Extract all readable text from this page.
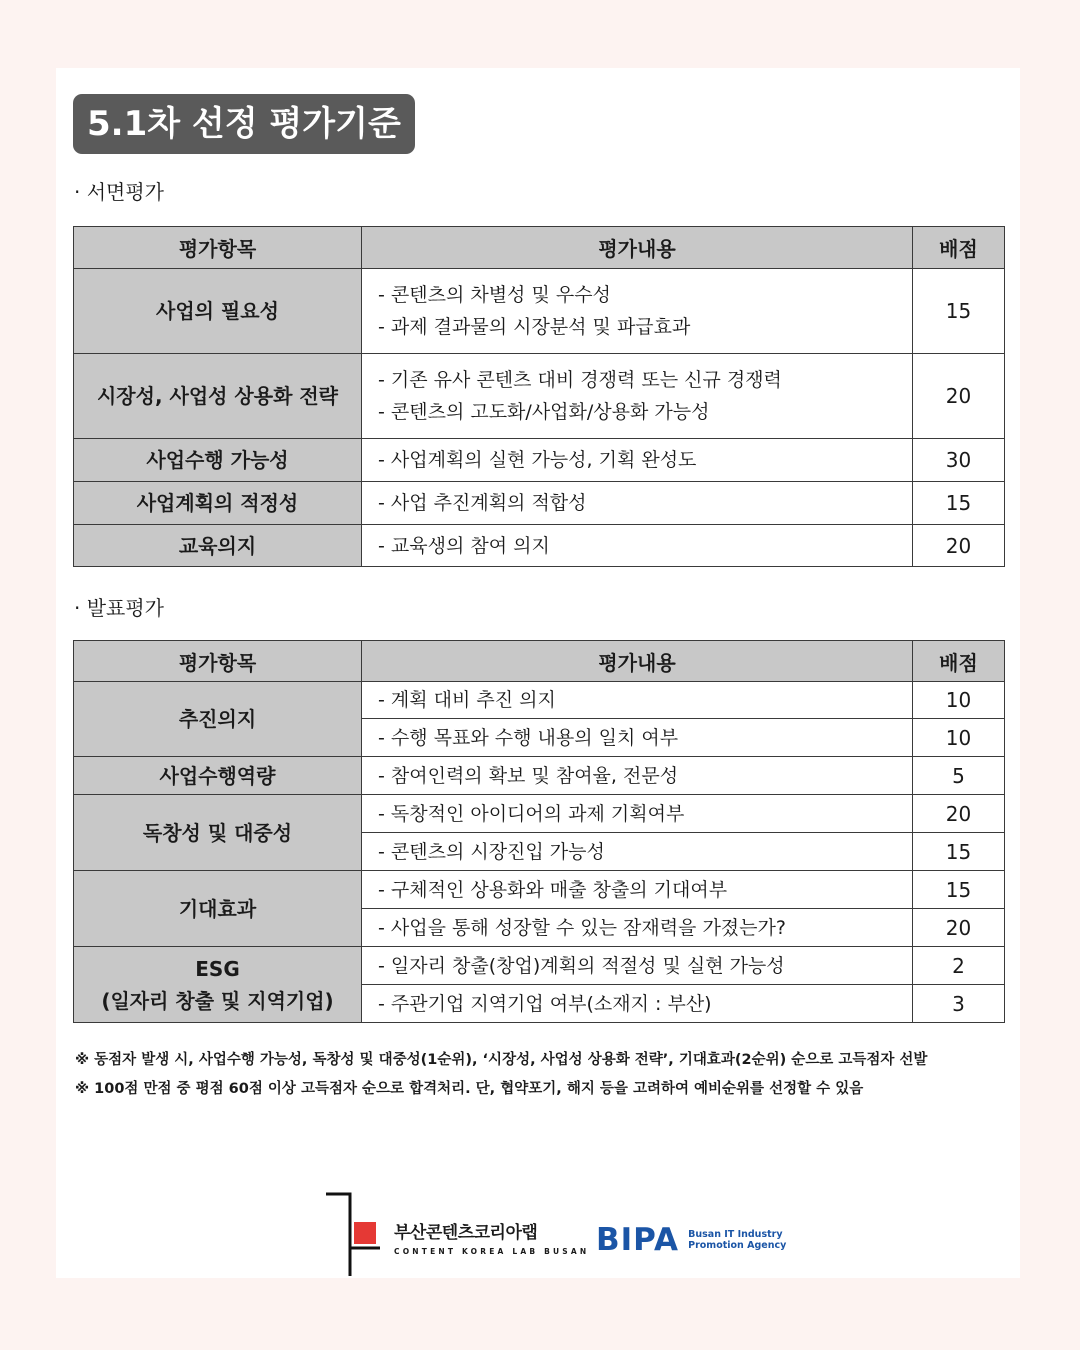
5.1차 선정 평가기준
· 서면평가
평가항목	평가내용	배점
사업의 필요성	- 콘텐츠의 차별성 및 우수성
- 과제 결과물의 시장분석 및 파급효과	15
시장성, 사업성 상용화 전략	- 기존 유사 콘텐츠 대비 경쟁력 또는 신규 경쟁력
- 콘텐츠의 고도화/사업화/상용화 가능성	20
사업수행 가능성	- 사업계획의 실현 가능성, 기획 완성도	30
사업계획의 적정성	- 사업 추진계획의 적합성	15
교육의지	- 교육생의 참여 의지	20
· 발표평가
평가항목	평가내용	배점
추진의지	- 계획 대비 추진 의지	10
	- 수행 목표와 수행 내용의 일치 여부	10
사업수행역량	- 참여인력의 확보 및 참여율, 전문성	5
독창성 및 대중성	- 독창적인 아이디어의 과제 기획여부	20
	- 콘텐츠의 시장진입 가능성	15
기대효과	- 구체적인 상용화와 매출 창출의 기대여부	15
	- 사업을 통해 성장할 수 있는 잠재력을 가졌는가?	20

ESG
(일자리 창출 및 지역기업)	- 일자리 창출(창업)계획의 적절성 및 실현 가능성	2
	- 주관기업 지역기업 여부(소재지 : 부산)	3
※ 동점자 발생 시, 사업수행 가능성, 독창성 및 대중성(1순위), ‘시장성, 사업성 상용화 전략’, 기대효과(2순위) 순으로 고득점자 선발
※ 100점 만점 중 평점 60점 이상 고득점자 순으로 합격처리. 단, 협약포기, 해지 등을 고려하여 예비순위를 선정할 수 있음
부산콘텐츠코리아랩
CONTENT KOREA LAB BUSAN BIPA Busan IT Industry
Promotion Agency
